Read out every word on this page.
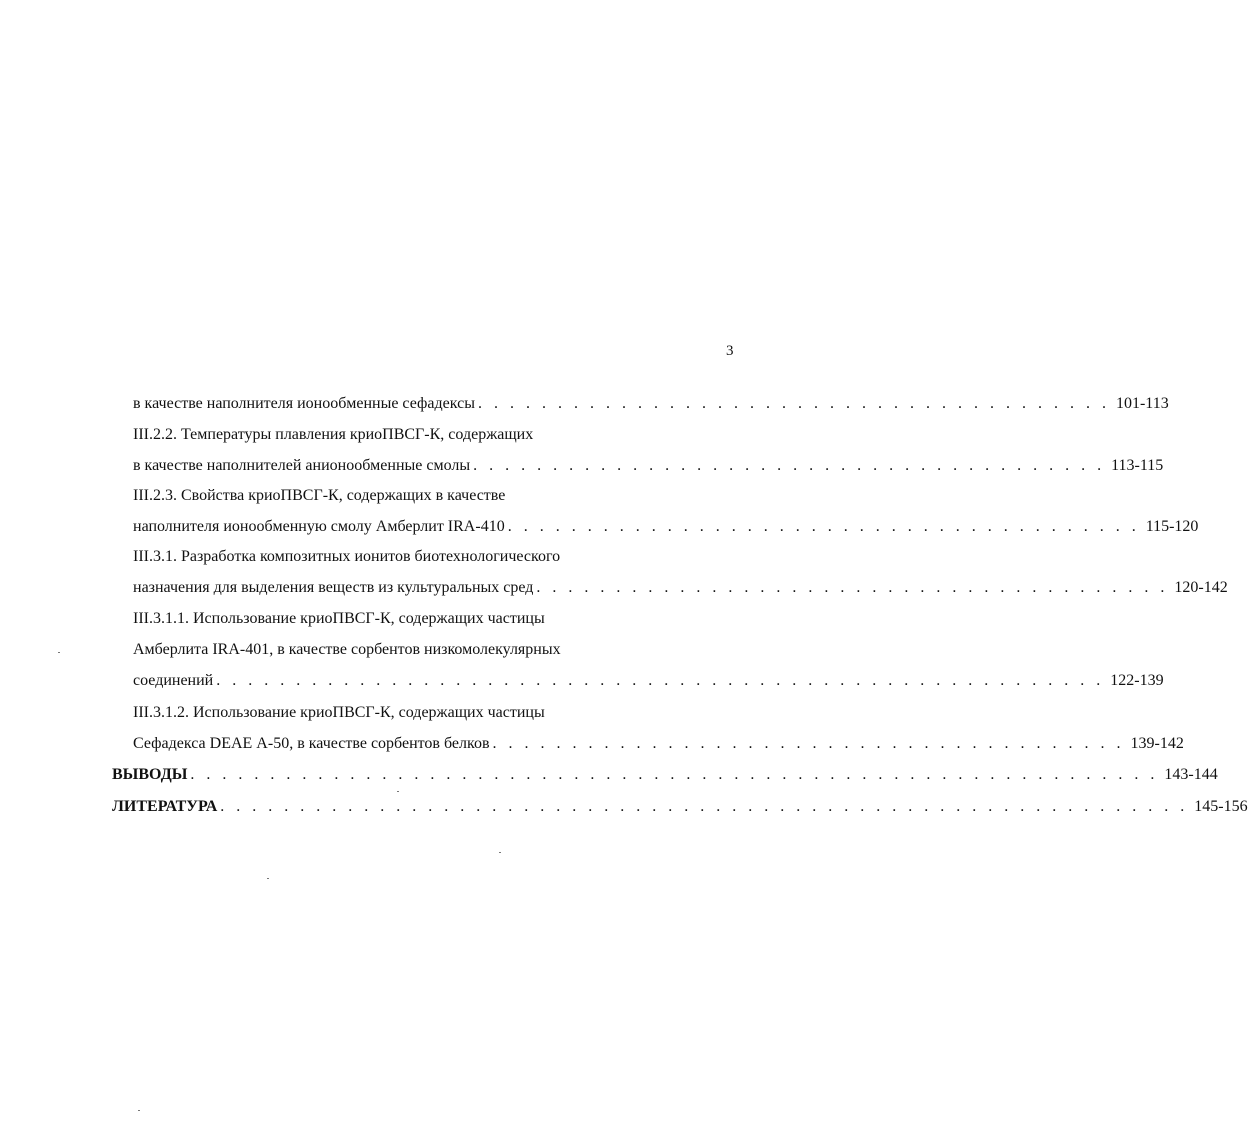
3
в качестве наполнителя ионообменные сефадексы . . . . . . . . . . . . . . . . . . . . . . . . . . . . . . . . . . . . . . . . 101-113
III.2.2. Температуры плавления криоПВСГ-К, содержащих
в качестве наполнителей анионообменные смолы . . . . . . . . . . . . . . . . . . . . . . . . . . . . . . . . . . . . . . . . 113-115
III.2.3. Свойства криоПВСГ-К, содержащих в качестве
наполнителя ионообменную смолу Амберлит IRA-410 . . . . . . . . . . . . . . . . . . . . . . . . . . . . . . . . . . . . . . . . 115-120
III.3.1. Разработка композитных ионитов биотехнологического
назначения для выделения веществ из культуральных сред . . . . . . . . . . . . . . . . . . . . . . . . . . . . . . . . . . . . . . . . 120-142
III.3.1.1. Использование криоПВСГ-К, содержащих частицы
Амберлита IRA-401, в качестве сорбентов низкомолекулярных
соединений . . . . . . . . . . . . . . . . . . . . . . . . . . . . . . . . . . . . . . . . . . . . . . . . . . . . . . . . 122-139
III.3.1.2. Использование криоПВСГ-К, содержащих частицы
Сефадекса DEAE А-50, в качестве сорбентов белков . . . . . . . . . . . . . . . . . . . . . . . . . . . . . . . . . . . . . . . . 139-142
ВЫВОДЫ . . . . . . . . . . . . . . . . . . . . . . . . . . . . . . . . . . . . . . . . . . . . . . . . . . . . . . . . . . . . . 143-144
ЛИТЕРАТУРА . . . . . . . . . . . . . . . . . . . . . . . . . . . . . . . . . . . . . . . . . . . . . . . . . . . . . . . . . . . . . 145-156
